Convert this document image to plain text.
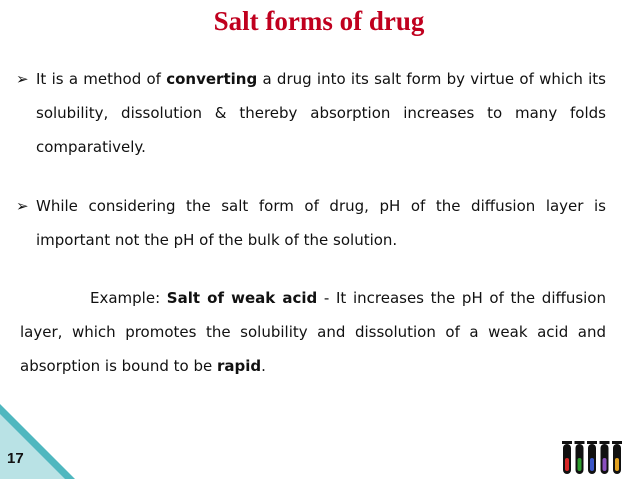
Salt forms of drug
➢ It is a method of converting a drug into its salt form by virtue of which its solubility, dissolution & thereby absorption increases to many folds comparatively.
➢ While considering the salt form of drug, pH of the diffusion layer is important not the pH of the bulk of the solution.
Example: Salt of weak acid - It increases the pH of the diffusion layer, which promotes the solubility and dissolution of a weak acid and absorption is bound to be rapid.
17
